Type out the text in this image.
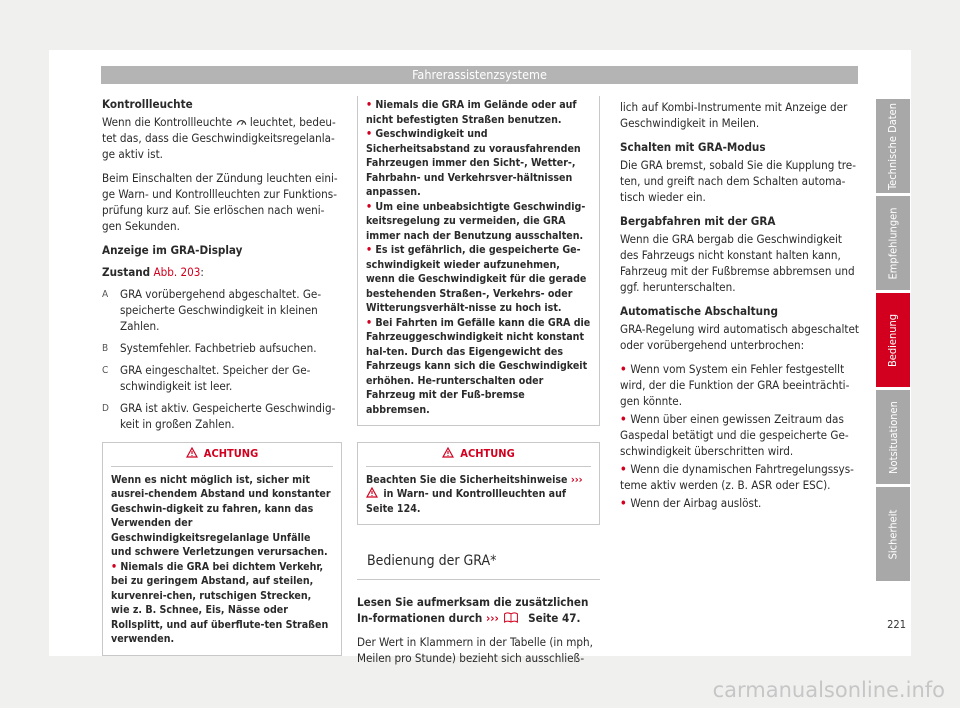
Fahrerassistenzsysteme

Kontrollleuchte

Wenn die Kontrollleuchte leuchtet, bedeu-tet das, dass die Geschwindigkeitsregelanla-ge aktiv ist.

Beim Einschalten der Zündung leuchten eini-ge Warn- und Kontrollleuchten zur Funktions-prüfung kurz auf. Sie erlöschen nach weni-gen Sekunden.

Anzeige im GRA-Display

Zustand Abb. 203:

A GRA vorübergehend abgeschaltet. Ge-speicherte Geschwindigkeit in kleinen Zahlen.
B Systemfehler. Fachbetrieb aufsuchen.
C GRA eingeschaltet. Speicher der Ge-schwindigkeit ist leer.
D GRA ist aktiv. Gespeicherte Geschwindig-keit in großen Zahlen.
ACHTUNG

Wenn es nicht möglich ist, sicher mit ausrei-chendem Abstand und konstanter Geschwin-digkeit zu fahren, kann das Verwenden der Geschwindigkeitsregelanlage Unfälle und schwere Verletzungen verursachen.

• Niemals die GRA bei dichtem Verkehr, bei zu geringem Abstand, auf steilen, kurvenrei-chen, rutschigen Strecken, wie z. B. Schnee, Eis, Nässe oder Rollsplitt, und auf überflute-ten Straßen verwenden.

• Niemals die GRA im Gelände oder auf nicht befestigten Straßen benutzen.

• Geschwindigkeit und Sicherheitsabstand zu vorausfahrenden Fahrzeugen immer den Sicht-, Wetter-, Fahrbahn- und Verkehrsver-hältnissen anpassen.

• Um eine unbeabsichtigte Geschwindig-keitsregelung zu vermeiden, die GRA immer nach der Benutzung ausschalten.

• Es ist gefährlich, die gespeicherte Ge-schwindigkeit wieder aufzunehmen, wenn die Geschwindigkeit für die gerade bestehenden Straßen-, Verkehrs- oder Witterungsverhält-nisse zu hoch ist.

• Bei Fahrten im Gefälle kann die GRA die Fahrzeuggeschwindigkeit nicht konstant hal-ten. Durch das Eigengewicht des Fahrzeugs kann sich die Geschwindigkeit erhöhen. He-runterschalten oder Fahrzeug mit der Fuß-bremse abbremsen.

ACHTUNG

Beachten Sie die Sicherheitshinweise ›››  in Warn- und Kontrollleuchten auf Seite 124.

Bedienung der GRA*

Lesen Sie aufmerksam die zusätzlichen In-formationen durch ›››	Seite 47.

Der Wert in Klammern in der Tabelle (in mph, Meilen pro Stunde) bezieht sich ausschließ-

lich auf Kombi-Instrumente mit Anzeige der Geschwindigkeit in Meilen.

Schalten mit GRA-Modus

Die GRA bremst, sobald Sie die Kupplung tre-ten, und greift nach dem Schalten automa-tisch wieder ein.

Bergabfahren mit der GRA

Wenn die GRA bergab die Geschwindigkeit des Fahrzeugs nicht konstant halten kann, Fahrzeug mit der Fußbremse abbremsen und ggf. herunterschalten.

Automatische Abschaltung

GRA-Regelung wird automatisch abgeschaltet oder vorübergehend unterbrochen:

• Wenn vom System ein Fehler festgestellt wird, der die Funktion der GRA beeinträchti-gen könnte.

• Wenn über einen gewissen Zeitraum das Gaspedal betätigt und die gespeicherte Ge-schwindigkeit überschritten wird.

• Wenn die dynamischen Fahrtregelungssys-teme aktiv werden (z. B. ASR oder ESC).

• Wenn der Airbag auslöst.

Technische Daten
Empfehlungen
Bedienung
Notsituationen
Sicherheit
221
carmanualsonline.info
